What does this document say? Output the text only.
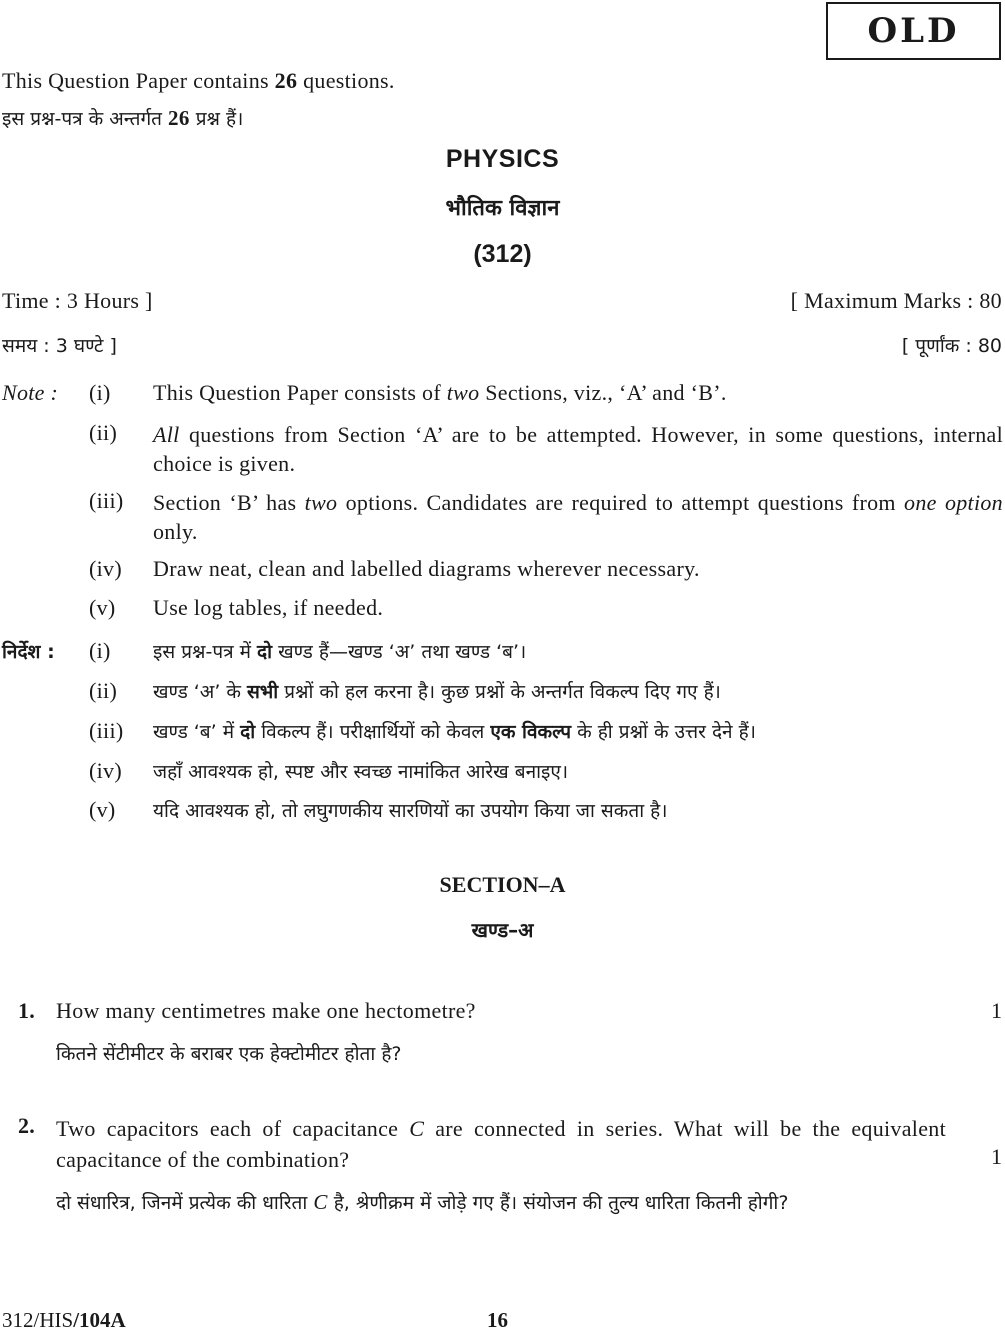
OLD
This Question Paper contains 26 questions.
इस प्रश्न-पत्र के अन्तर्गत 26 प्रश्न हैं।
PHYSICS
भौतिक विज्ञान
(312)
Time : 3 Hours ]	[ Maximum Marks : 80
समय : 3 घण्टे ]	[ पूर्णांक : 80
Note : (i) This Question Paper consists of two Sections, viz., ‘A’ and ‘B’.
(ii) All questions from Section ‘A’ are to be attempted. However, in some questions, internal choice is given.
(iii) Section ‘B’ has two options. Candidates are required to attempt questions from one option only.
(iv) Draw neat, clean and labelled diagrams wherever necessary.
(v) Use log tables, if needed.
निर्देश : (i) इस प्रश्न-पत्र में दो खण्ड हैं—खण्ड ‘अ’ तथा खण्ड ‘ब’।
(ii) खण्ड ‘अ’ के सभी प्रश्नों को हल करना है। कुछ प्रश्नों के अन्तर्गत विकल्प दिए गए हैं।
(iii) खण्ड ‘ब’ में दो विकल्प हैं। परीक्षार्थियों को केवल एक विकल्प के ही प्रश्नों के उत्तर देने हैं।
(iv) जहाँ आवश्यक हो, स्पष्ट और स्वच्छ नामांकित आरेख बनाइए।
(v) यदि आवश्यक हो, तो लघुगणकीय सारणियों का उपयोग किया जा सकता है।
SECTION–A
खण्ड–अ
1. How many centimetres make one hectometre?	1
कितने सेंटीमीटर के बराबर एक हेक्टोमीटर होता है?
2. Two capacitors each of capacitance C are connected in series. What will be the equivalent capacitance of the combination?	1
दो संधारित्र, जिनमें प्रत्येक की धारिता C है, श्रेणीक्रम में जोड़े गए हैं। संयोजन की तुल्य धारिता कितनी होगी?
312/HIS/104A	16
